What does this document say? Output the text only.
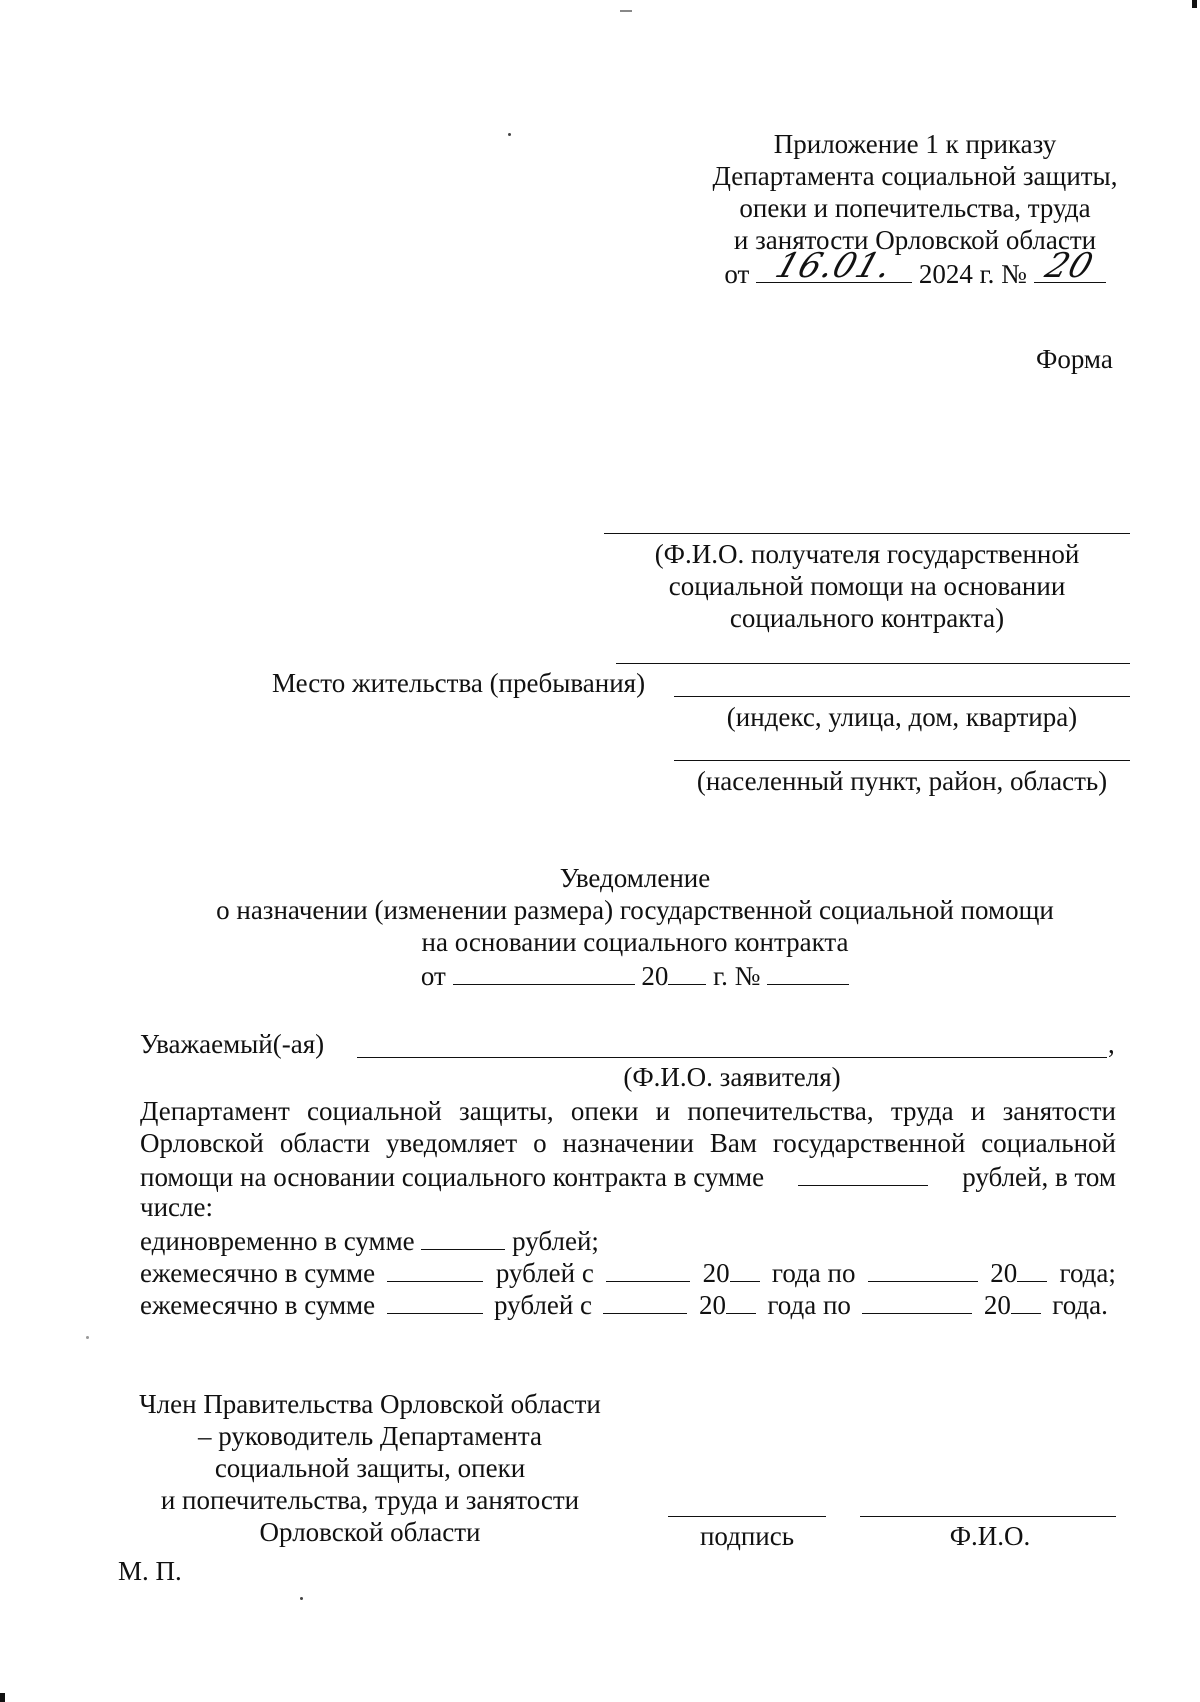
Приложение 1 к приказу
Департамента социальной защиты,
опеки и попечительства, труда
и занятости Орловской области
от 16.01. 2024 г. № 20
Форма
(Ф.И.О. получателя государственной
социальной помощи на основании
социального контракта)
Место жительства (пребывания)
(индекс, улица, дом, квартира)
(населенный пункт, район, область)
Уведомление
о назначении (изменении размера) государственной социальной помощи
на основании социального контракта
от	20 г. №
Уважаемый(-ая)	,
(Ф.И.О. заявителя)
Департамент социальной защиты, опеки и попечительства, труда и занятости
Орловской области уведомляет о назначении Вам государственной социальной
помощи на основании социального контракта в сумме	рублей, в том
числе:
единовременно в сумме	рублей;
ежемесячно в сумме	рублей с	20	года по	20	года;
ежемесячно в сумме	рублей с	20	года по	20	года.
Член Правительства Орловской области
– руководитель Департамента
социальной защиты, опеки
и попечительства, труда и занятости
Орловской области	подпись	Ф.И.О.
М. П.
